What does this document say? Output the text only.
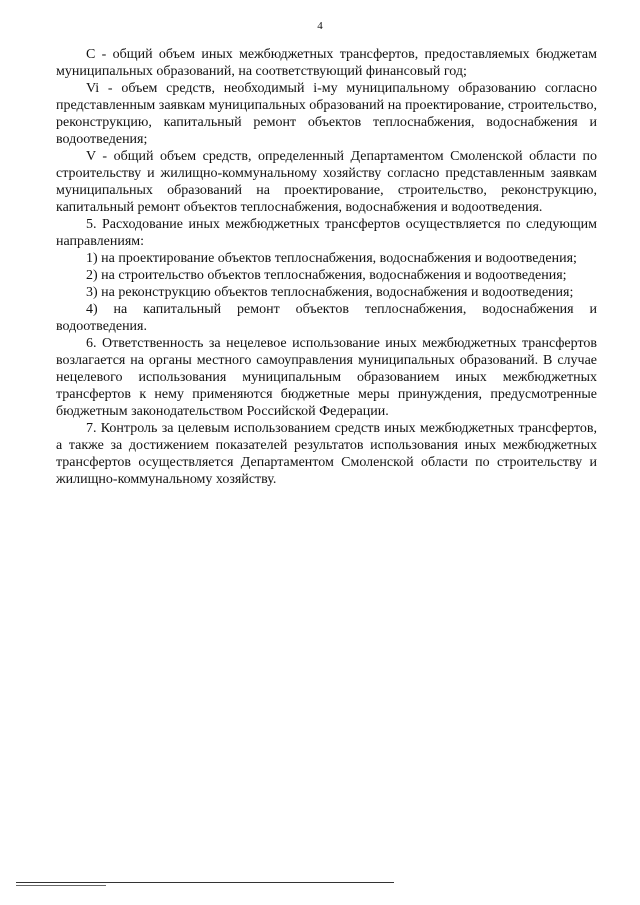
4

С - общий объем иных межбюджетных трансфертов, предоставляемых бюджетам муниципальных образований, на соответствующий финансовый год;

Vi - объем средств, необходимый i-му муниципальному образованию согласно представленным заявкам муниципальных образований на проектирование, строительство, реконструкцию, капитальный ремонт объектов теплоснабжения, водоснабжения и водоотведения;

V - общий объем средств, определенный Департаментом Смоленской области по строительству и жилищно-коммунальному хозяйству согласно представленным заявкам муниципальных образований на проектирование, строительство, реконструкцию, капитальный ремонт объектов теплоснабжения, водоснабжения и водоотведения.

5. Расходование иных межбюджетных трансфертов осуществляется по следующим направлениям:

1) на проектирование объектов теплоснабжения, водоснабжения и водоотведения;

2) на строительство объектов теплоснабжения, водоснабжения и водоотведения;

3) на реконструкцию объектов теплоснабжения, водоснабжения и водоотведения;

4) на капитальный ремонт объектов теплоснабжения, водоснабжения и водоотведения.

6. Ответственность за нецелевое использование иных межбюджетных трансфертов возлагается на органы местного самоуправления муниципальных образований. В случае нецелевого использования муниципальным образованием иных межбюджетных трансфертов к нему применяются бюджетные меры принуждения, предусмотренные бюджетным законодательством Российской Федерации.

7. Контроль за целевым использованием средств иных межбюджетных трансфертов, а также за достижением показателей результатов использования иных межбюджетных трансфертов осуществляется Департаментом Смоленской области по строительству и жилищно-коммунальному хозяйству.
